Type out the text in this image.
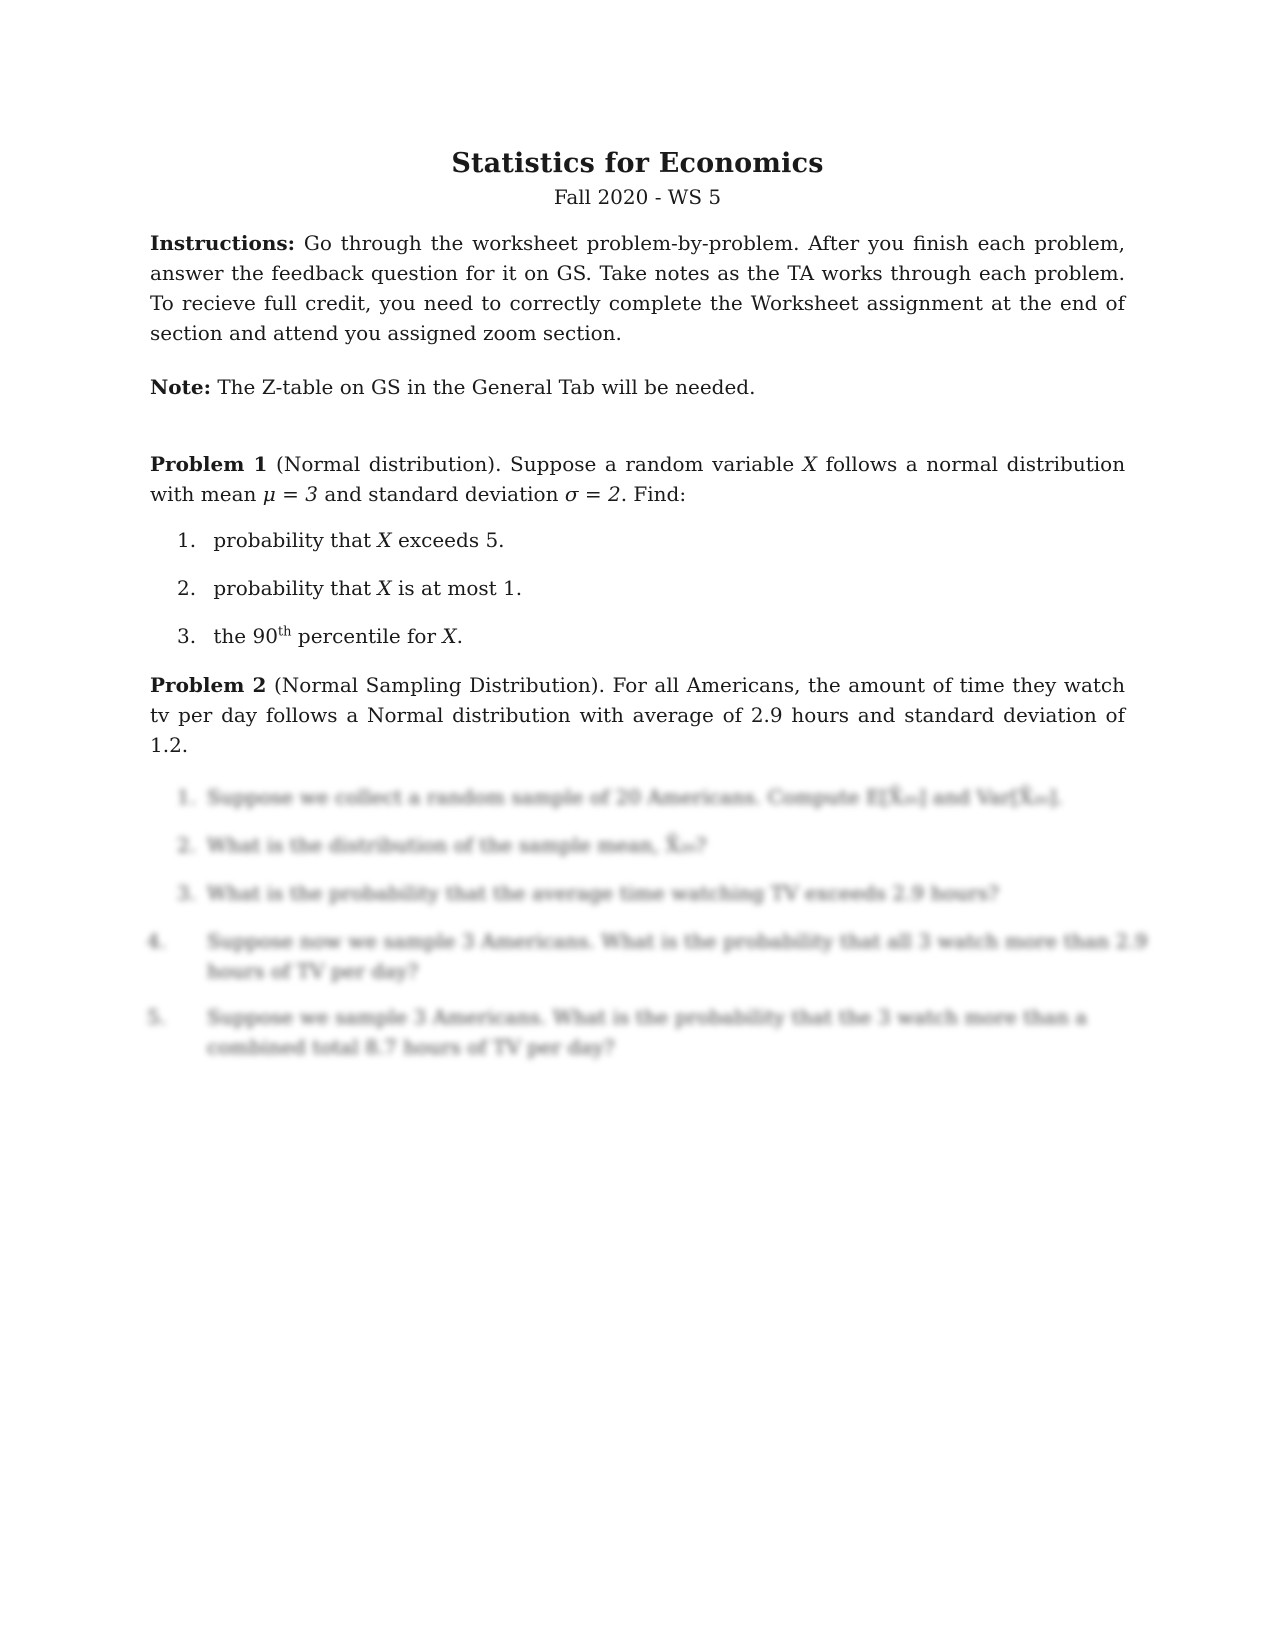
Statistics for Economics
Fall 2020 - WS 5
Instructions: Go through the worksheet problem-by-problem. After you finish each problem, answer the feedback question for it on GS. Take notes as the TA works through each problem. To recieve full credit, you need to correctly complete the Worksheet assignment at the end of section and attend you assigned zoom section.
Note: The Z-table on GS in the General Tab will be needed.
Problem 1 (Normal distribution). Suppose a random variable X follows a normal distribution with mean μ = 3 and standard deviation σ = 2. Find:
1. probability that X exceeds 5.
2. probability that X is at most 1.
3. the 90th percentile for X.
Problem 2 (Normal Sampling Distribution). For all Americans, the amount of time they watch tv per day follows a Normal distribution with average of 2.9 hours and standard deviation of 1.2.
1. Suppose we collect a random sample of 20 Americans. Compute E[X̄₂₀] and Var[X̄₂₀].
2. What is the distribution of the sample mean, X̄₂₀?
3. What is the probability that the average time watching TV exceeds 2.9 hours?
4. Suppose now we sample 3 Americans. What is the probability that all 3 watch more than 2.9 hours of TV per day?
5. Suppose we sample 3 Americans. What is the probability that the 3 watch more than a combined total 8.7 hours of TV per day?
